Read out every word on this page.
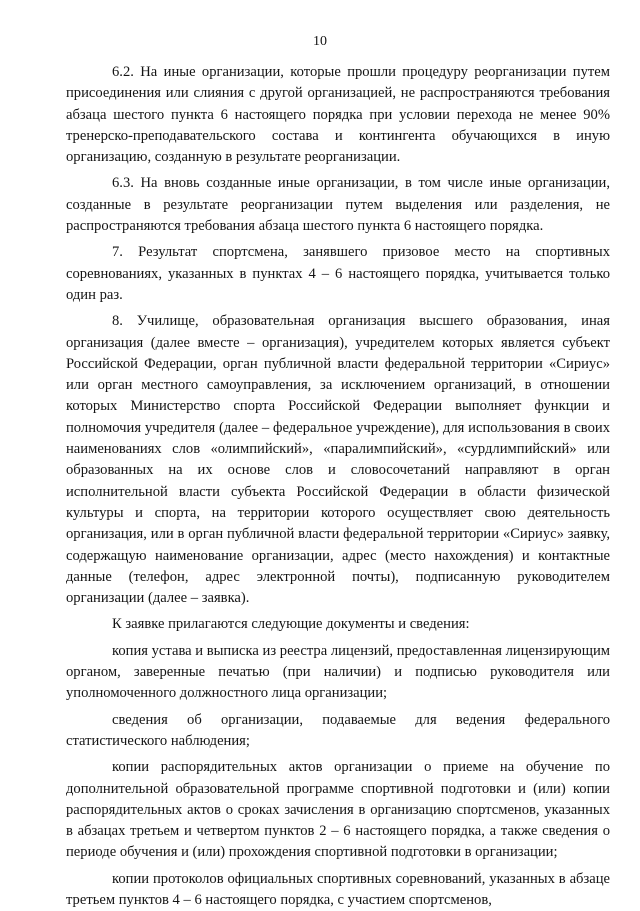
10

6.2. На иные организации, которые прошли процедуру реорганизации путем присоединения или слияния с другой организацией, не распространяются требования абзаца шестого пункта 6 настоящего порядка при условии перехода не менее 90% тренерско-преподавательского состава и контингента обучающихся в иную организацию, созданную в результате реорганизации.

6.3. На вновь созданные иные организации, в том числе иные организации, созданные в результате реорганизации путем выделения или разделения, не распространяются требования абзаца шестого пункта 6 настоящего порядка.

7. Результат спортсмена, занявшего призовое место на спортивных соревнованиях, указанных в пунктах 4 – 6 настоящего порядка, учитывается только один раз.

8. Училище, образовательная организация высшего образования, иная организация (далее вместе – организация), учредителем которых является субъект Российской Федерации, орган публичной власти федеральной территории «Сириус» или орган местного самоуправления, за исключением организаций, в отношении которых Министерство спорта Российской Федерации выполняет функции и полномочия учредителя (далее – федеральное учреждение), для использования в своих наименованиях слов «олимпийский», «паралимпийский», «сурдлимпийский» или образованных на их основе слов и словосочетаний направляют в орган исполнительной власти субъекта Российской Федерации в области физической культуры и спорта, на территории которого осуществляет свою деятельность организация, или в орган публичной власти федеральной территории «Сириус» заявку, содержащую наименование организации, адрес (место нахождения) и контактные данные (телефон, адрес электронной почты), подписанную руководителем организации (далее – заявка).

К заявке прилагаются следующие документы и сведения:

копия устава и выписка из реестра лицензий, предоставленная лицензирующим органом, заверенные печатью (при наличии) и подписью руководителя или уполномоченного должностного лица организации;

сведения об организации, подаваемые для ведения федерального статистического наблюдения;

копии распорядительных актов организации о приеме на обучение по дополнительной образовательной программе спортивной подготовки и (или) копии распорядительных актов о сроках зачисления в организацию спортсменов, указанных в абзацах третьем и четвертом пунктов 2 – 6 настоящего порядка, а также сведения о периоде обучения и (или) прохождения спортивной подготовки в организации;

копии протоколов официальных спортивных соревнований, указанных в абзаце третьем пунктов 4 – 6 настоящего порядка, с участием спортсменов,
